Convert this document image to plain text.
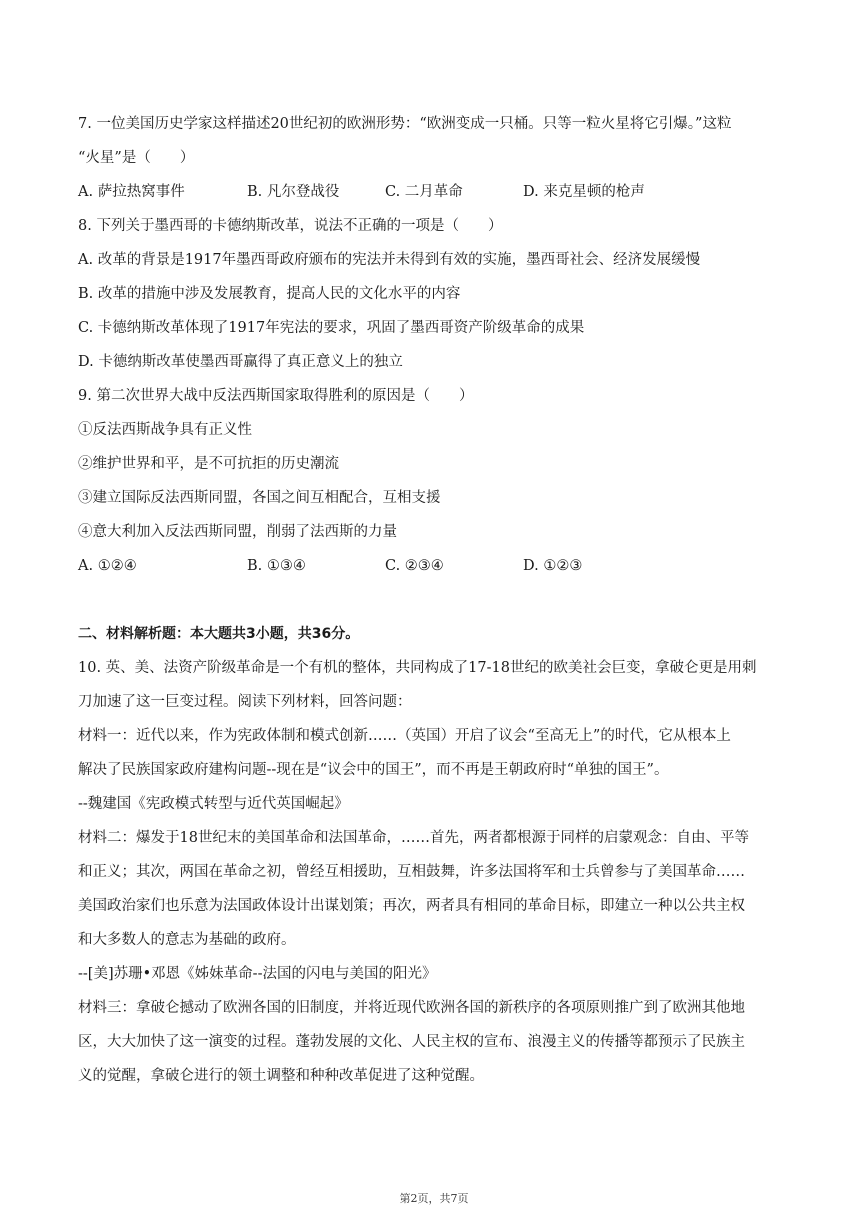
7. 一位美国历史学家这样描述20世纪初的欧洲形势：“欧洲变成一只桶。只等一粒火星将它引爆。”这粒
“火星”是（　　）
A. 萨拉热窝事件	B. 凡尔登战役	C. 二月革命	D. 来克星顿的枪声
8. 下列关于墨西哥的卡德纳斯改革，说法不正确的一项是（　　）
A. 改革的背景是1917年墨西哥政府颁布的宪法并未得到有效的实施，墨西哥社会、经济发展缓慢
B. 改革的措施中涉及发展教育，提高人民的文化水平的内容
C. 卡德纳斯改革体现了1917年宪法的要求，巩固了墨西哥资产阶级革命的成果
D. 卡德纳斯改革使墨西哥赢得了真正意义上的独立
9. 第二次世界大战中反法西斯国家取得胜利的原因是（　　）
①反法西斯战争具有正义性
②维护世界和平，是不可抗拒的历史潮流
③建立国际反法西斯同盟，各国之间互相配合，互相支援
④意大利加入反法西斯同盟，削弱了法西斯的力量
A. ①②④	B. ①③④	C. ②③④	D. ①②③
二、材料解析题：本大题共3小题，共36分。
10. 英、美、法资产阶级革命是一个有机的整体，共同构成了17-18世纪的欧美社会巨变，拿破仑更是用刺
刀加速了这一巨变过程。阅读下列材料，回答问题：
材料一：近代以来，作为宪政体制和模式创新……（英国）开启了议会“至高无上”的时代，它从根本上
解决了民族国家政府建构问题--现在是“议会中的国王”，而不再是王朝政府时“单独的国王”。
--魏建国《宪政模式转型与近代英国崛起》
材料二：爆发于18世纪末的美国革命和法国革命，……首先，两者都根源于同样的启蒙观念：自由、平等
和正义；其次，两国在革命之初，曾经互相援助，互相鼓舞，许多法国将军和士兵曾参与了美国革命……
美国政治家们也乐意为法国政体设计出谋划策；再次，两者具有相同的革命目标，即建立一种以公共主权
和大多数人的意志为基础的政府。
--[美]苏珊•邓恩《姊妹革命--法国的闪电与美国的阳光》
材料三：拿破仑撼动了欧洲各国的旧制度，并将近现代欧洲各国的新秩序的各项原则推广到了欧洲其他地
区，大大加快了这一演变的过程。蓬勃发展的文化、人民主权的宣布、浪漫主义的传播等都预示了民族主
义的觉醒，拿破仑进行的领土调整和种种改革促进了这种觉醒。
第2页，共7页
